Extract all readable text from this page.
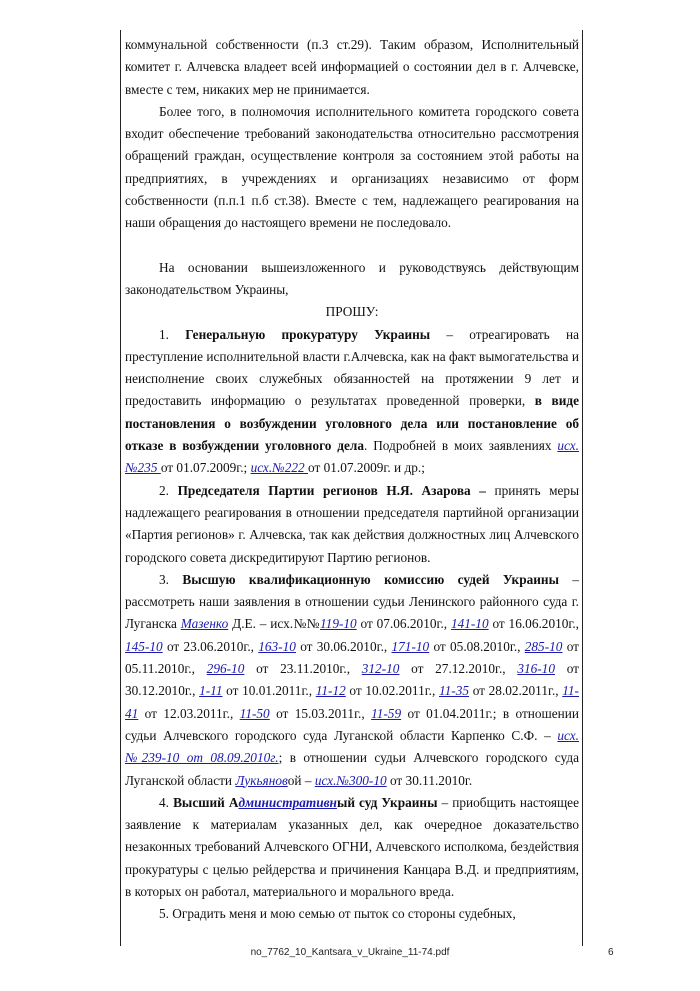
коммунальной собственности (п.3 ст.29). Таким образом, Исполнительный комитет г. Алчевска владеет всей информацией о состоянии дел в г. Алчевске, вместе с тем, никаких мер не принимается.

Более того, в полномочия исполнительного комитета городского совета входит обеспечение требований законодательства относительно рассмотрения обращений граждан, осуществление контроля за состоянием этой работы на предприятиях, в учреждениях и организациях независимо от форм собственности (п.п.1 п.б ст.38). Вместе с тем, надлежащего реагирования на наши обращения до настоящего времени не последовало.

На основании вышеизложенного и руководствуясь действующим законодательством Украины,

ПРОШУ:

1. Генеральную прокуратуру Украины – отреагировать на преступление исполнительной власти г.Алчевска, как на факт вымогательства и неисполнение своих служебных обязанностей на протяжении 9 лет и предоставить информацию о результатах проведенной проверки, в виде постановления о возбуждении уголовного дела или постановление об отказе в возбуждении уголовного дела. Подробней в моих заявлениях исх.№235 от 01.07.2009г.; исх.№222 от 01.07.2009г. и др.;

2. Председателя Партии регионов Н.Я. Азарова – принять меры надлежащего реагирования в отношении председателя партийной организации «Партия регионов» г. Алчевска, так как действия должностных лиц Алчевского городского совета дискредитируют Партию регионов.

3. Высшую квалификационную комиссию судей Украины – рассмотреть наши заявления в отношении судьи Ленинского районного суда г. Луганска Мазенко Д.Е. – исх.№№119-10 от 07.06.2010г., 141-10 от 16.06.2010г., 145-10 от 23.06.2010г., 163-10 от 30.06.2010г., 171-10 от 05.08.2010г., 285-10 от 05.11.2010г., 296-10 от 23.11.2010г., 312-10 от 27.12.2010г., 316-10 от 30.12.2010г., 1-11 от 10.01.2011г., 11-12 от 10.02.2011г., 11-35 от 28.02.2011г., 11-41 от 12.03.2011г., 11-50 от 15.03.2011г., 11-59 от 01.04.2011г.; в отношении судьи Алчевского городского суда Луганской области Карпенко С.Ф. – исх.№239-10 от 08.09.2010г.; в отношении судьи Алчевского городского суда Луганской области Лукьяновой – исх.№300-10 от 30.11.2010г.

4. Высший Административный суд Украины – приобщить настоящее заявление к материалам указанных дел, как очередное доказательство незаконных требований Алчевского ОГНИ, Алчевского исполкома, бездействия прокуратуры с целью рейдерства и причинения Канцара В.Д. и предприятиям, в которых он работал, материального и морального вреда.

5. Оградить меня и мою семью от пыток со стороны судебных,

no_7762_10_Kantsara_v_Ukraine_11-74.pdf	6
